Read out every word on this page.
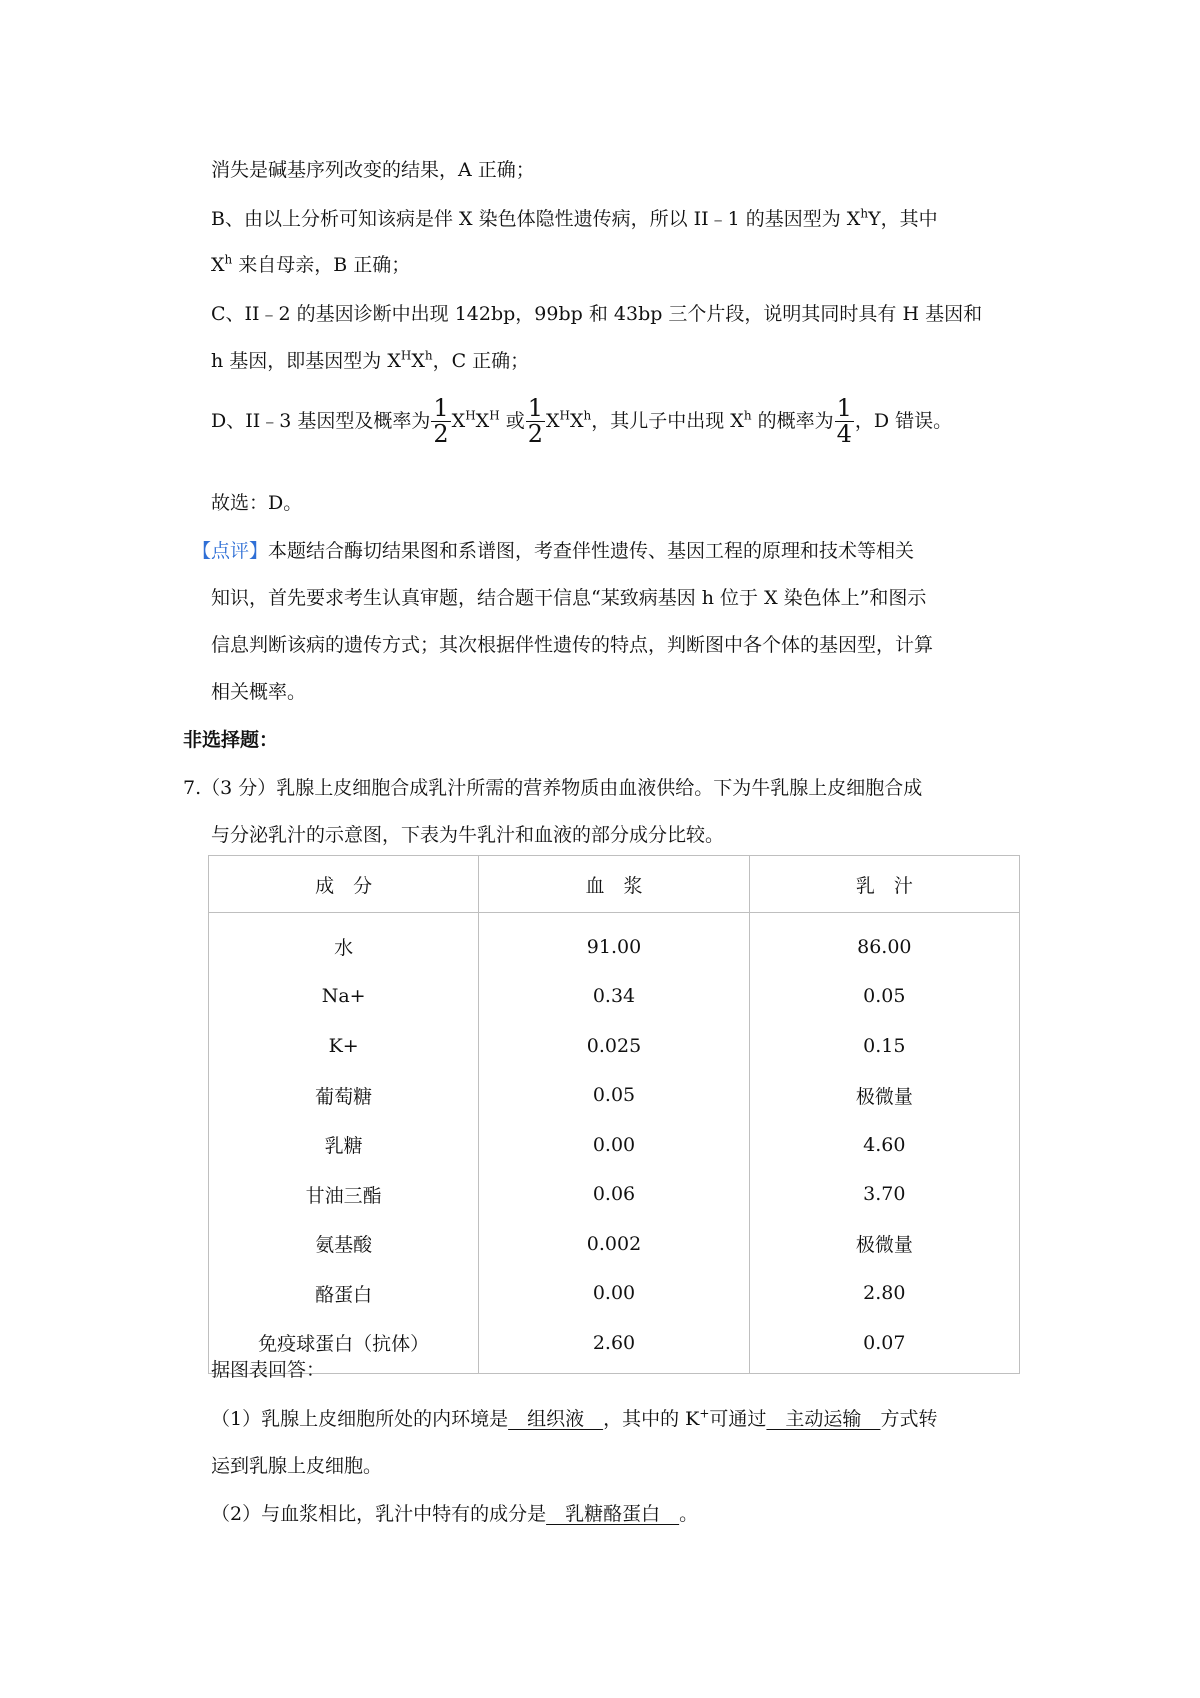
消失是碱基序列改变的结果，A 正确；
B、由以上分析可知该病是伴 X 染色体隐性遗传病，所以 II﹣1 的基因型为 $X^hY$，其中
$X^h$ 来自母亲，B 正确；
C、II﹣2 的基因诊断中出现 142bp，99bp 和 43bp 三个片段，说明其同时具有 H 基因和
h 基因，即基因型为 $X^HX^h$，C 正确；
D、II﹣3 基因型及概率为 $\frac{1}{2} X^HX^H$ 或 $\frac{1}{2} X^HX^h$，其儿子中出现 $X^h$ 的概率为 $\frac{1}{4}$ ，D 错误。
故选：D。
【点评】本题结合酶切结果图和系谱图，考查伴性遗传、基因工程的原理和技术等相关
知识，首先要求考生认真审题，结合题干信息“某致病基因 h 位于 X 染色体上”和图示
信息判断该病的遗传方式；其次根据伴性遗传的特点，判断图中各个体的基因型，计算
相关概率。
非选择题：
7.（3 分）乳腺上皮细胞合成乳汁所需的营养物质由血液供给。下为牛乳腺上皮细胞合成
与分泌乳汁的示意图，下表为牛乳汁和血液的部分成分比较。
成　分	血　浆	乳　汁
水	91.00	86.00
Na+	0.34	0.05
K+	0.025	0.15
葡萄糖	0.05	极微量
乳糖	0.00	4.60
甘油三酯	0.06	3.70
氨基酸	0.002	极微量
酪蛋白	0.00	2.80
免疫球蛋白（抗体）	2.60	0.07
据图表回答：
（1）乳腺上皮细胞所处的内环境是　组织液　，其中的 K+可通过　主动运输　方式转
运到乳腺上皮细胞。
（2）与血浆相比，乳汁中特有的成分是　乳糖酪蛋白　。
